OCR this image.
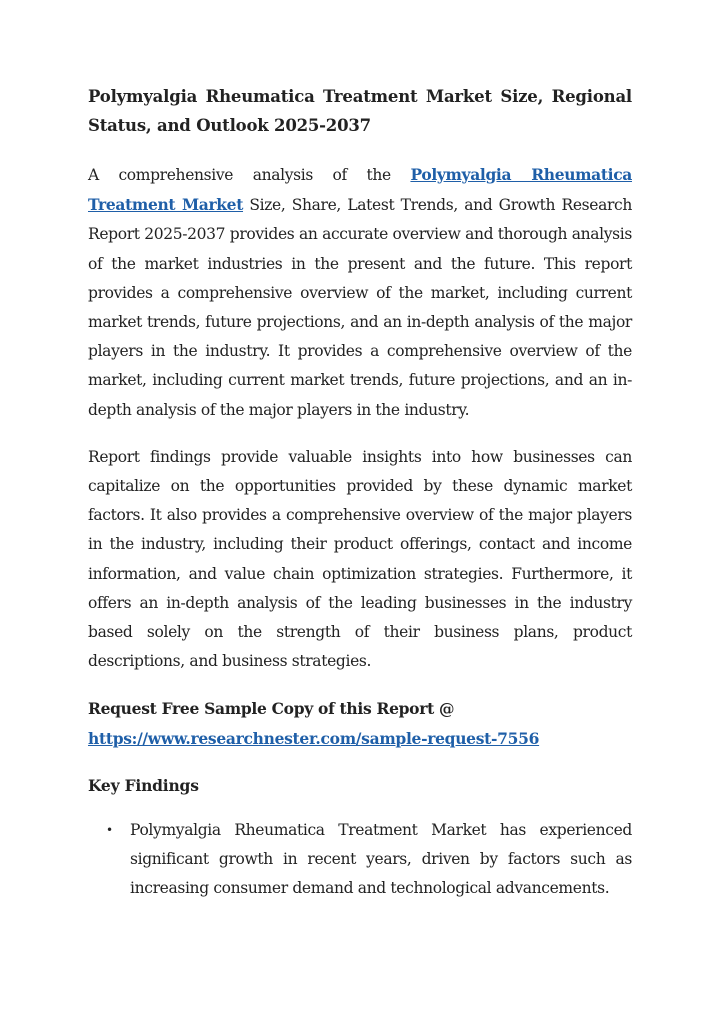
Polymyalgia Rheumatica Treatment Market Size, Regional Status, and Outlook 2025-2037

A comprehensive analysis of the Polymyalgia Rheumatica Treatment Market Size, Share, Latest Trends, and Growth Research Report 2025-2037 provides an accurate overview and thorough analysis of the market industries in the present and the future. This report provides a comprehensive overview of the market, including current market trends, future projections, and an in-depth analysis of the major players in the industry. It provides a comprehensive overview of the market, including current market trends, future projections, and an in-depth analysis of the major players in the industry.

Report findings provide valuable insights into how businesses can capitalize on the opportunities provided by these dynamic market factors. It also provides a comprehensive overview of the major players in the industry, including their product offerings, contact and income information, and value chain optimization strategies. Furthermore, it offers an in-depth analysis of the leading businesses in the industry based solely on the strength of their business plans, product descriptions, and business strategies.

Request Free Sample Copy of this Report @
https://www.researchnester.com/sample-request-7556
Key Findings
• Polymyalgia Rheumatica Treatment Market has experienced significant growth in recent years, driven by factors such as increasing consumer demand and technological advancements.
